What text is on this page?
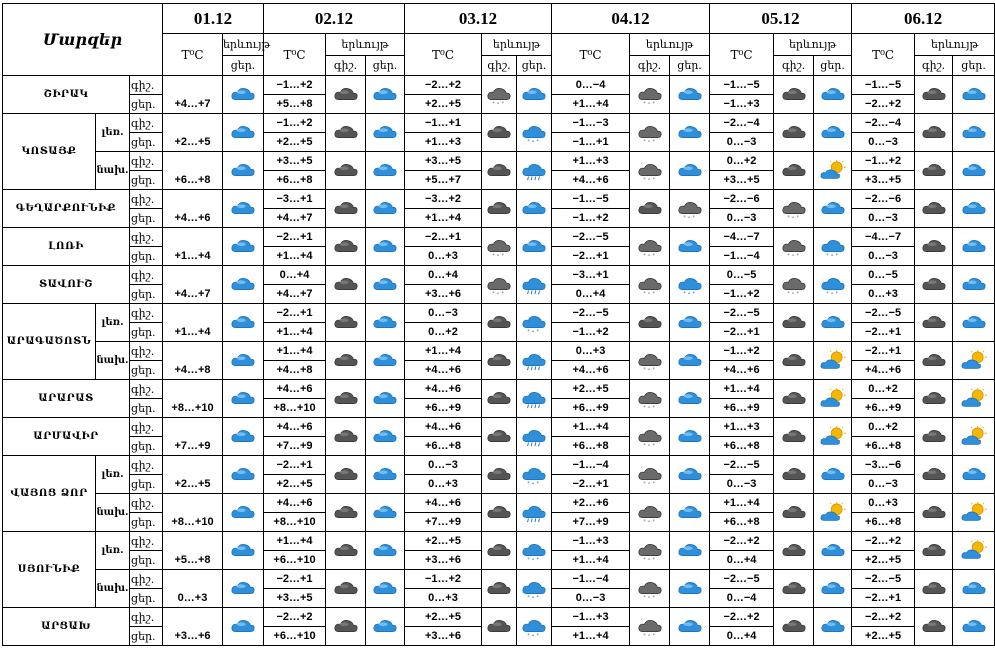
Մարզեր			01.12		02.12			03.12			04.12			05.12			06.12		
			T⁰C	երևույթ	T⁰C	երևույթ		T⁰C	երևույթ		T⁰C	երևույթ		T⁰C	երևույթ		T⁰C	երևույթ	
				ցեր.		գիշ.	ցեր.		գիշ.	ցեր.		գիշ.	ցեր.		գիշ.	ցեր.		գիշ.	ցեր.
ՇԻՐԱԿ		գիշ.	+4…+7		−1…+2			−2…+2			0…−4			−1…−5			−1…−5	

		ցեր.			+5…+8			+2…+5			+1…+4			−1…+3			−2…+2		
ԿՈՏԱՅՔ	լեռ.	գիշ.	+2…+5		−1…+2			−1…+1			−1…−3			−2…−4			−2…−4	

		ցեր.			+2…+5			+1…+3			−1…+1			0…−3			0…−3		
	նախ.	գիշ.	+6…+8		+3…+5			+3…+5			+1…+3			0…+2			−1…+2	

		ցեր.			+6…+8			+5…+7			+4…+6			+3…+5			+3…+5		
ԳԵՂԱՐՔՈՒՆԻՔ		գիշ.	+4…+6		−3…+1			−3…+2			−1…−5			−2…−6			−2…−6	

		ցեր.			+4…+7			+1…+4			−1…+2			0…−3			0…−3		
ԼՈՌԻ		գիշ.	+1…+4		−2…+1			−2…+1			−2…−5			−4…−7			−4…−7	

		ցեր.			+1…+4			0…+3			−2…+1			−1…−4			0…−3		
ՏԱՎՈՒՇ		գիշ.	+4…+7		0…+4			0…+4			−3…+1			0…−5			0…−5	

		ցեր.			+4…+7			+3…+6			0…+4			−1…+2			0…+3		
ԱՐԱԳԱԾՈՏՆ	լեռ.	գիշ.	+1…+4		−2…+1			0…−3			−2…−5			−2…−5			−2…−5	

		ցեր.			+1…+4			0…+2			−1…+2			−2…+1			−2…+1		
	նախ.	գիշ.	+4…+8		+1…+4			+1…+4			0…+3			−1…+2			−2…+1	

		ցեր.			+4…+8			+4…+6			+4…+6			+4…+6			+4…+6		
ԱՐԱՐԱՏ		գիշ.	+8…+10		+4…+6			+4…+6			+2…+5			+1…+4			0…+2	

		ցեր.			+8…+10			+6…+9			+6…+9			+6…+9			+6…+9		
ԱՐՄԱՎԻՐ		գիշ.	+7…+9		+4…+6			+4…+6			+1…+4			+1…+3			0…+2	

		ցեր.			+7…+9			+6…+8			+6…+8			+6…+8			+6…+8		
ՎԱՅՈՑ ՁՈՐ	լեռ.	գիշ.	+2…+5		−2…+1			0…−3			−1…−4			−2…−5			−3…−6	

		ցեր.			+2…+5			0…+3			−2…+1			0…−3			0…−3		
	նախ.	գիշ.	+8…+10		+4…+6			+4…+6			+2…+6			+1…+4			0…+3	

		ցեր.			+8…+10			+7…+9			+7…+9			+6…+8			+6…+8		
ՍՅՈՒՆԻՔ	լեռ.	գիշ.	+5…+8		+1…+4			+2…+5			−1…+3			−2…+2			−2…+2	

		ցեր.			+6…+10			+3…+6			+1…+4			0…+4			+2…+5		
	նախ.	գիշ.	0…+3		−2…+1			−1…+2			−1…−4			−2…−5			−2…−5	

		ցեր.			+3…+5			0…+3			0…−3			0…−4			−2…+1		
ԱՐՑԱԽ		գիշ.	+3…+6		−2…+2			+2…+5			−1…+3			−2…+2			−2…+2	

		ցեր.			+6…+10			+3…+6			+1…+4			0…+4			+2…+5		
